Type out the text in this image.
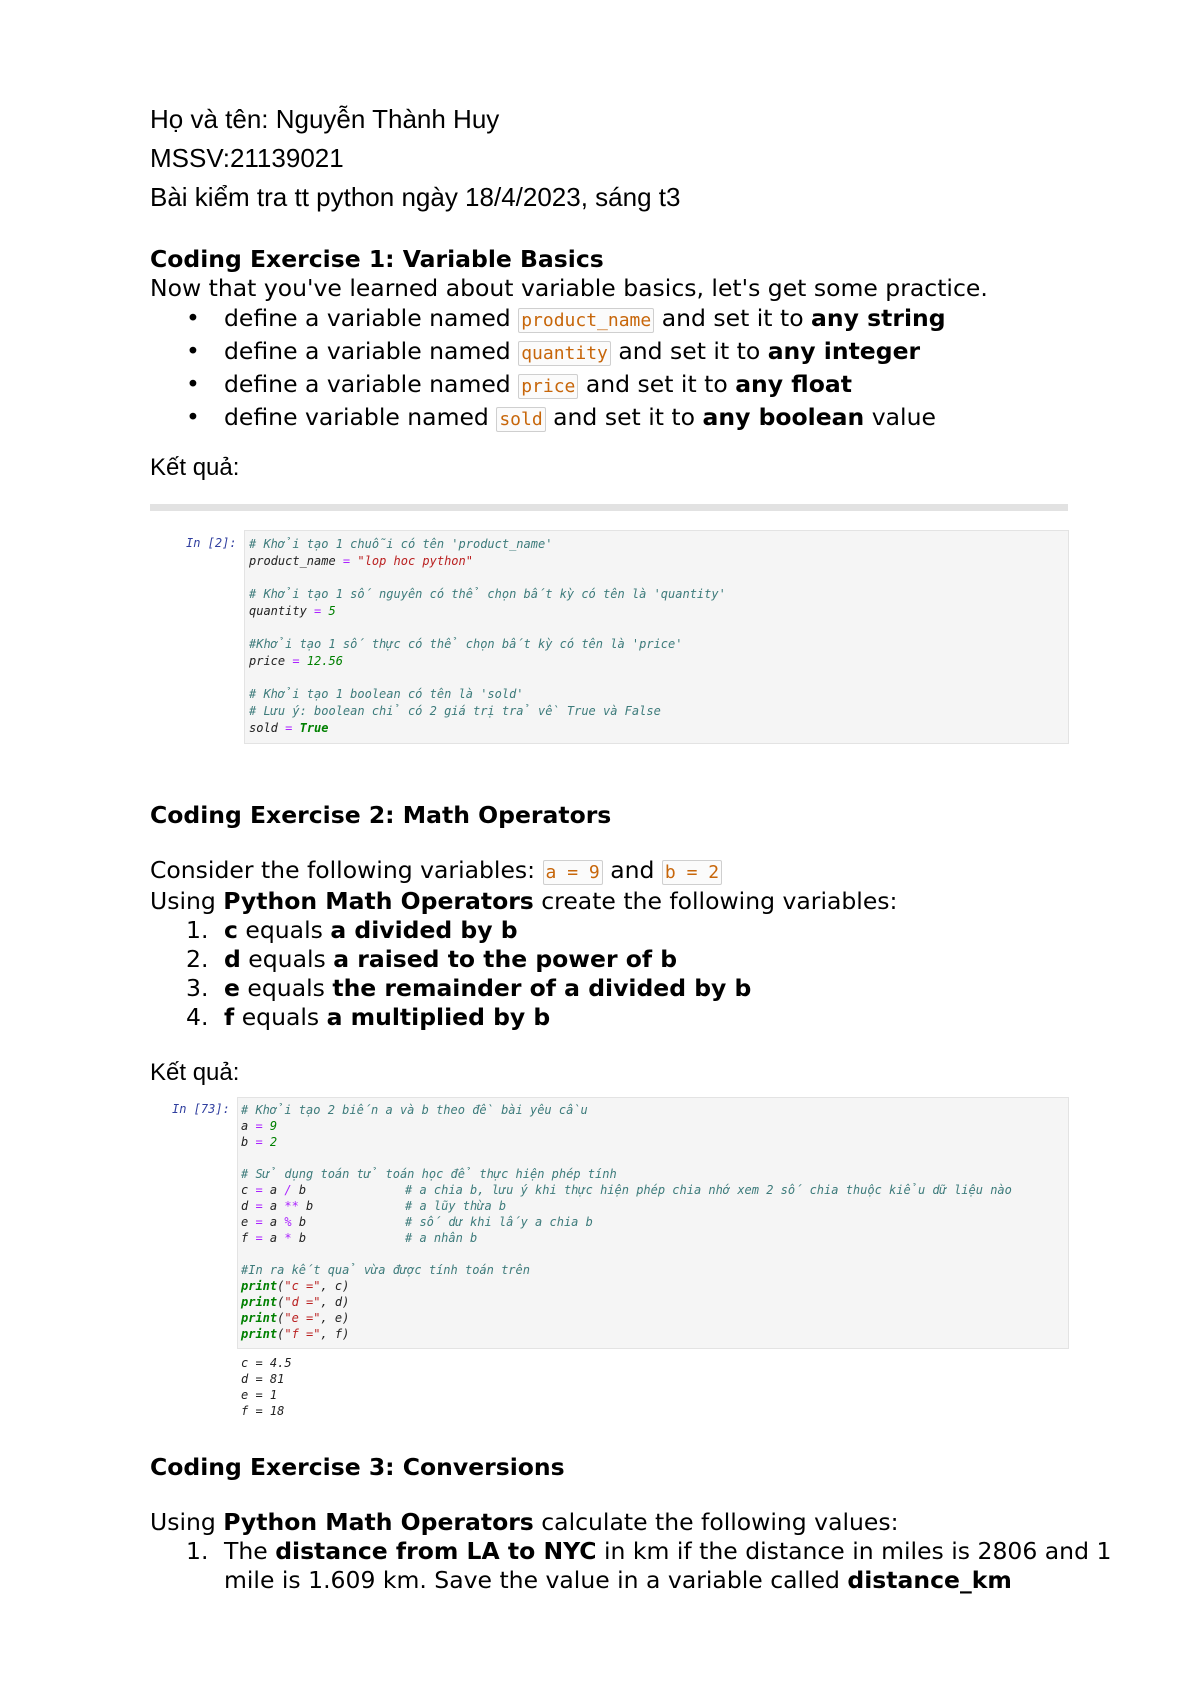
Họ và tên: Nguyễn Thành Huy
MSSV:21139021
Bài kiểm tra tt python ngày 18/4/2023, sáng t3
Coding Exercise 1: Variable Basics

Now that you've learned about variable basics, let's get some practice.

• define a variable named product_name and set it to any string
• define a variable named quantity and set it to any integer
• define a variable named price and set it to any float
• define variable named sold and set it to any boolean value
Kết quả:
In [2]: # Khởi tạo 1 chuỗi có tên 'product_name'
product_name = "lop hoc python"
# Khởi tạo 1 số nguyên có thể chọn bất kỳ có tên là 'quantity'
quantity = 5
#Khởi tạo 1 số thực có thể chọn bất kỳ có tên là 'price'
price = 12.56
# Khởi tạo 1 boolean có tên là 'sold'
# Lưu ý: boolean chỉ có 2 giá trị trả về True và False
sold = True
Coding Exercise 2: Math Operators

Consider the following variables: a = 9 and b = 2

Using Python Math Operators create the following variables:

1. c equals a divided by b
2. d equals a raised to the power of b
3. e equals the remainder of a divided by b
4. f equals a multiplied by b
Kết quả:
In [73]: # Khởi tạo 2 biến a và b theo đề bài yêu cầu
a = 9
b = 2
# Sử dụng toán tử toán học để thực hiện phép tính
c = a / b	# a chia b, lưu ý khi thực hiện phép chia nhớ xem 2 số chia thuộc kiểu dữ liệu nào
d = a ** b	# a lũy thừa b
e = a % b	# số dư khi lấy a chia b
f = a * b	# a nhân b
#In ra kết quả vừa được tính toán trên
print("c =", c)
print("d =", d)
print("e =", e)
print("f =", f)
c = 4.5
d = 81
e = 1
f = 18
Coding Exercise 3: Conversions

Using Python Math Operators calculate the following values:

1. The distance from LA to NYC in km if the distance in miles is 2806 and 1 mile is 1.609 km. Save the value in a variable called distance_km
